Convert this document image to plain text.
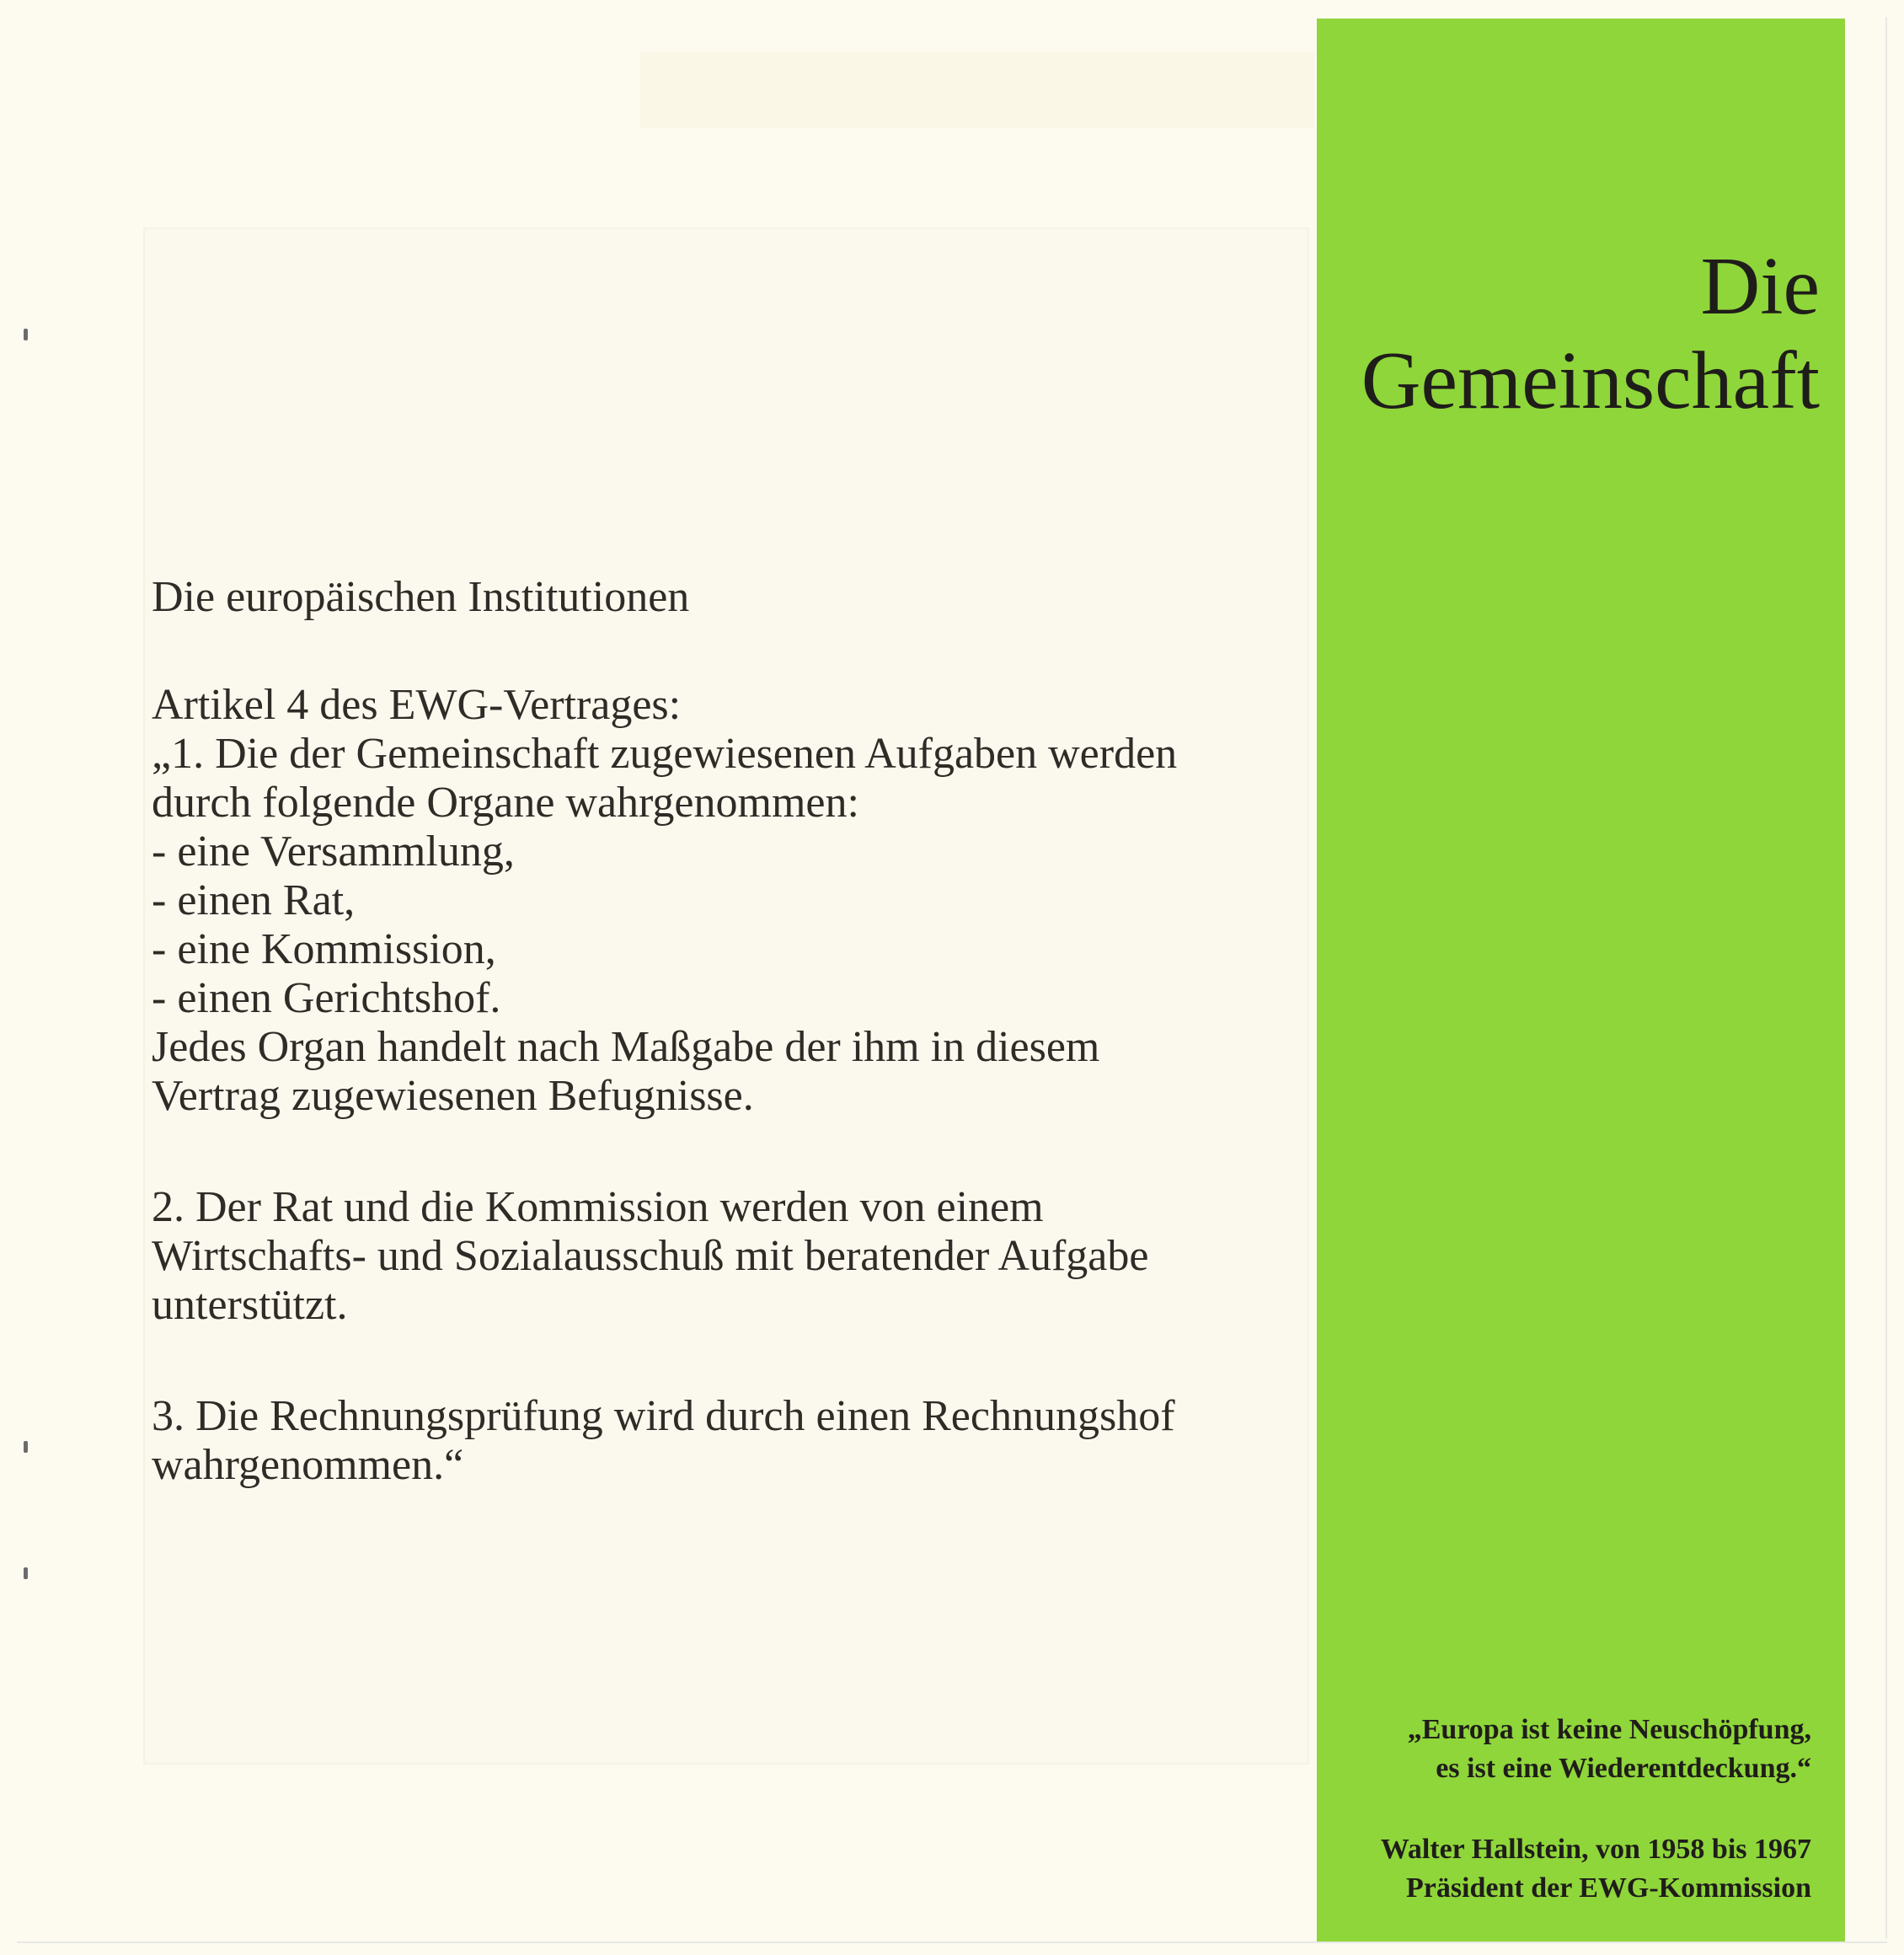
Die europäischen Institutionen
Artikel 4 des EWG-Vertrages:
„1. Die der Gemeinschaft zugewiesenen Aufgaben werden
durch folgende Organe wahrgenommen:
- eine Versammlung,
- einen Rat,
- eine Kommission,
- einen Gerichtshof.
Jedes Organ handelt nach Maßgabe der ihm in diesem
Vertrag zugewiesenen Befugnisse.
2. Der Rat und die Kommission werden von einem
Wirtschafts- und Sozialausschuß mit beratender Aufgabe
unterstützt.
3. Die Rechnungsprüfung wird durch einen Rechnungshof
wahrgenommen.“
Die
Gemeinschaft
„Europa ist keine Neuschöpfung,
es ist eine Wiederentdeckung.“
Walter Hallstein, von 1958 bis 1967
Präsident der EWG-Kommission
